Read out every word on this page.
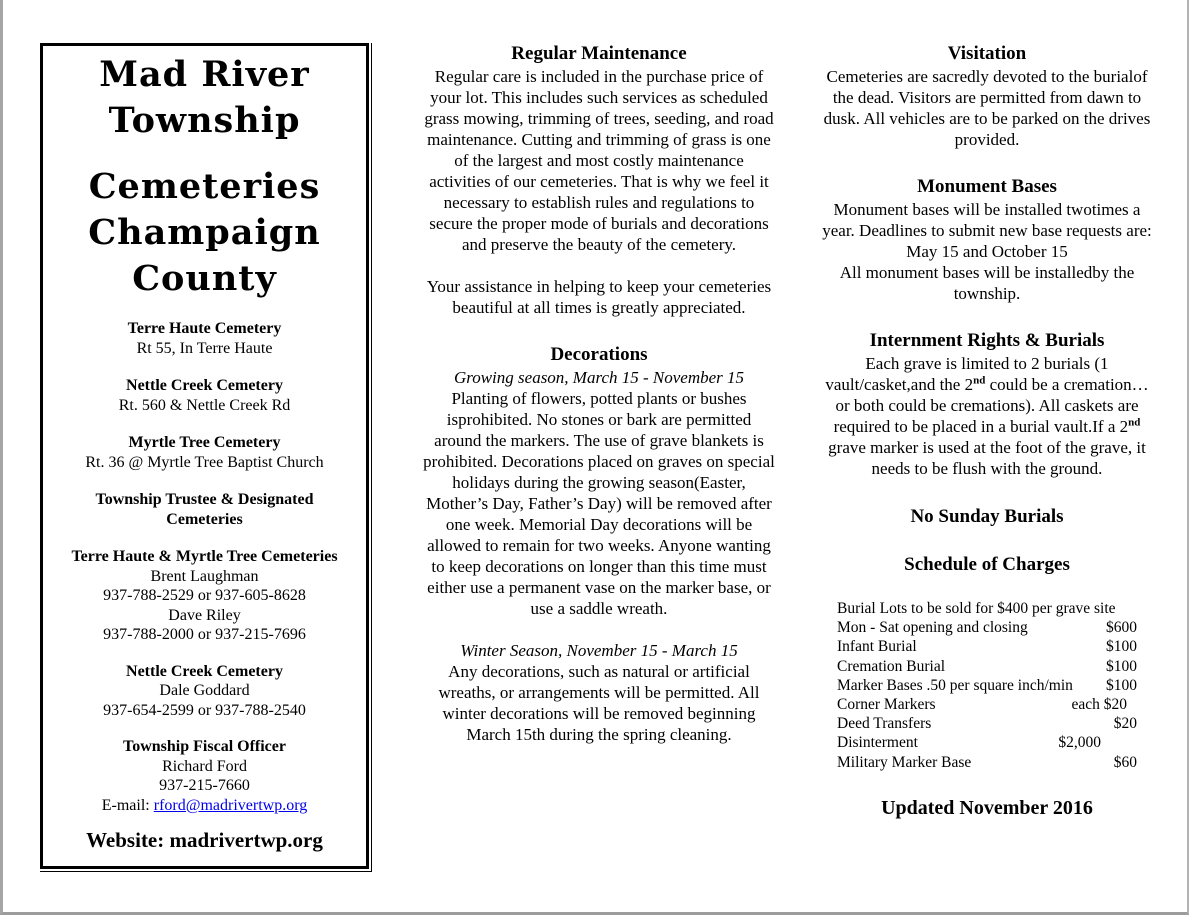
Mad River
Township
Cemeteries
Champaign
County
Terre Haute Cemetery
Rt 55, In Terre Haute
Nettle Creek Cemetery
Rt. 560 & Nettle Creek Rd
Myrtle Tree Cemetery
Rt. 36 @ Myrtle Tree Baptist Church
Township Trustee & Designated Cemeteries
Terre Haute & Myrtle Tree Cemeteries
Brent Laughman
937-788-2529 or 937-605-8628
Dave Riley
937-788-2000 or 937-215-7696
Nettle Creek Cemetery
Dale Goddard
937-654-2599 or 937-788-2540
Township Fiscal Officer
Richard Ford
937-215-7660
E-mail: rford@madrivertwp.org
Website: madrivertwp.org
Regular Maintenance

Regular care is included in the purchase price of your lot. This includes such services as scheduled grass mowing, trimming of trees, seeding, and road maintenance. Cutting and trimming of grass is one of the largest and most costly maintenance activities of our cemeteries. That is why we feel it necessary to establish rules and regulations to secure the proper mode of burials and decorations and preserve the beauty of the cemetery.

Your assistance in helping to keep your cemeteries beautiful at all times is greatly appreciated.

Decorations

Growing season, March 15 - November 15

Planting of flowers, potted plants or bushes isprohibited. No stones or bark are permitted around the markers. The use of grave blankets is prohibited. Decorations placed on graves on special holidays during the growing season(Easter, Mother’s Day, Father’s Day) will be removed after one week. Memorial Day decorations will be allowed to remain for two weeks. Anyone wanting to keep decorations on longer than this time must either use a permanent vase on the marker base, or use a saddle wreath.

Winter Season, November 15 - March 15

Any decorations, such as natural or artificial wreaths, or arrangements will be permitted. All winter decorations will be removed beginning March 15th during the spring cleaning.

Visitation

Cemeteries are sacredly devoted to the burialof the dead. Visitors are permitted from dawn to dusk. All vehicles are to be parked on the drives provided.

Monument Bases

Monument bases will be installed twotimes a year. Deadlines to submit new base requests are:

May 15 and October 15

All monument bases will be installedby the township.

Internment Rights & Burials

Each grave is limited to 2 burials (1 vault/casket,and the 2nd could be a cremation…or both could be cremations). All caskets are required to be placed in a burial vault.If a 2nd grave marker is used at the foot of the grave, it needs to be flush with the ground.

No Sunday Burials
Schedule of Charges
Burial Lots to be sold for $400 per grave site
Mon - Sat opening and closing	$600
Infant Burial	$100
Cremation Burial	$100
Marker Bases .50 per square inch/min $100
Corner Markers	each $20
Deed Transfers	$20
Disinterment	$2,000
Military Marker Base	$60
Updated November 2016
